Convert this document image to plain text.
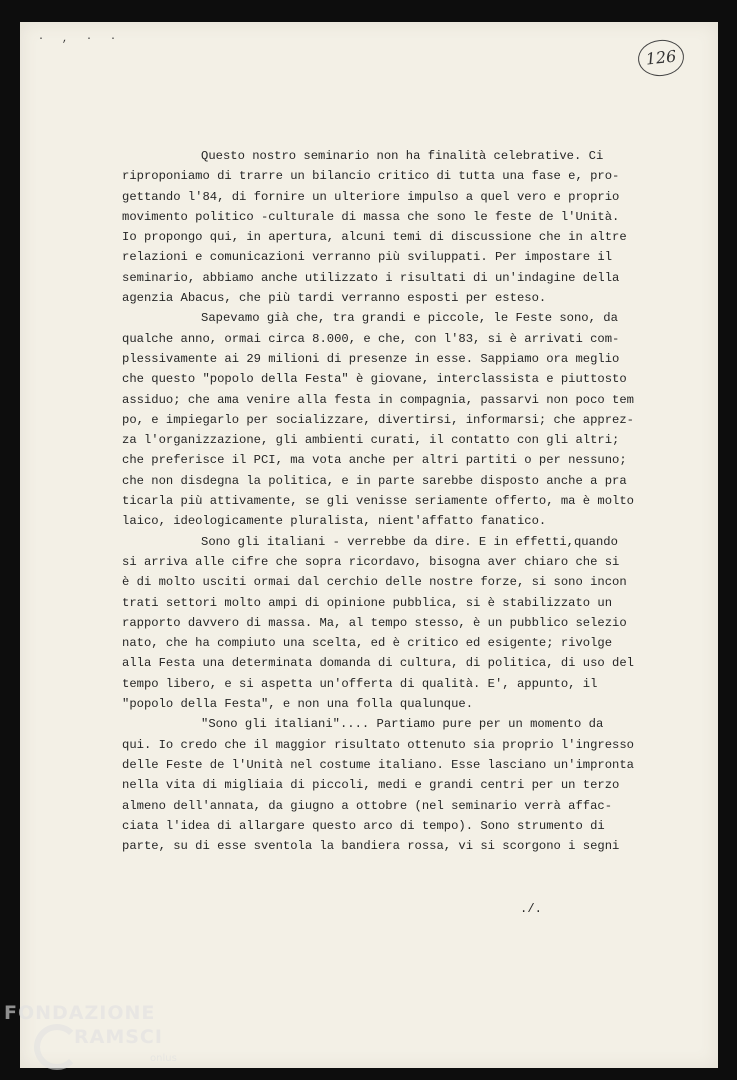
· , · ·
126

Questo nostro seminario non ha finalità celebrative. Ci
riproponiamo di trarre un bilancio critico di tutta una fase e, pro-
gettando l'84, di fornire un ulteriore impulso a quel vero e proprio
movimento politico -culturale di massa che sono le feste de l'Unità.
Io propongo qui, in apertura, alcuni temi di discussione che in altre
relazioni e comunicazioni verranno più sviluppati. Per impostare il
seminario, abbiamo anche utilizzato i risultati di un'indagine della
agenzia Abacus, che più tardi verranno esposti per esteso.

Sapevamo già che, tra grandi e piccole, le Feste sono, da
qualche anno, ormai circa 8.000, e che, con l'83, si è arrivati com-
plessivamente ai 29 milioni di presenze in esse. Sappiamo ora meglio
che questo "popolo della Festa" è giovane, interclassista e piuttosto
assiduo; che ama venire alla festa in compagnia, passarvi non poco tem
po, e impiegarlo per socializzare, divertirsi, informarsi; che apprez-
za l'organizzazione, gli ambienti curati, il contatto con gli altri;
che preferisce il PCI, ma vota anche per altri partiti o per nessuno;
che non disdegna la politica, e in parte sarebbe disposto anche a pra
ticarla più attivamente, se gli venisse seriamente offerto, ma è molto
laico, ideologicamente pluralista, nient'affatto fanatico.

Sono gli italiani - verrebbe da dire. E in effetti,quando
si arriva alle cifre che sopra ricordavo, bisogna aver chiaro che si
è di molto usciti ormai dal cerchio delle nostre forze, si sono incon
trati settori molto ampi di opinione pubblica, si è stabilizzato un
rapporto davvero di massa. Ma, al tempo stesso, è un pubblico selezio
nato, che ha compiuto una scelta, ed è critico ed esigente; rivolge
alla Festa una determinata domanda di cultura, di politica, di uso del
tempo libero, e si aspetta un'offerta di qualità. E', appunto, il
"popolo della Festa", e non una folla qualunque.

"Sono gli italiani".... Partiamo pure per un momento da
qui. Io credo che il maggior risultato ottenuto sia proprio l'ingresso
delle Feste de l'Unità nel costume italiano. Esse lasciano un'impronta
nella vita di migliaia di piccoli, medi e grandi centri per un terzo
almeno dell'annata, da giugno a ottobre (nel seminario verrà affac-
ciata l'idea di allargare questo arco di tempo). Sono strumento di
parte, su di esse sventola la bandiera rossa, vi si scorgono i segni

./.
FONDAZIONE
RAMSCI
onlus
